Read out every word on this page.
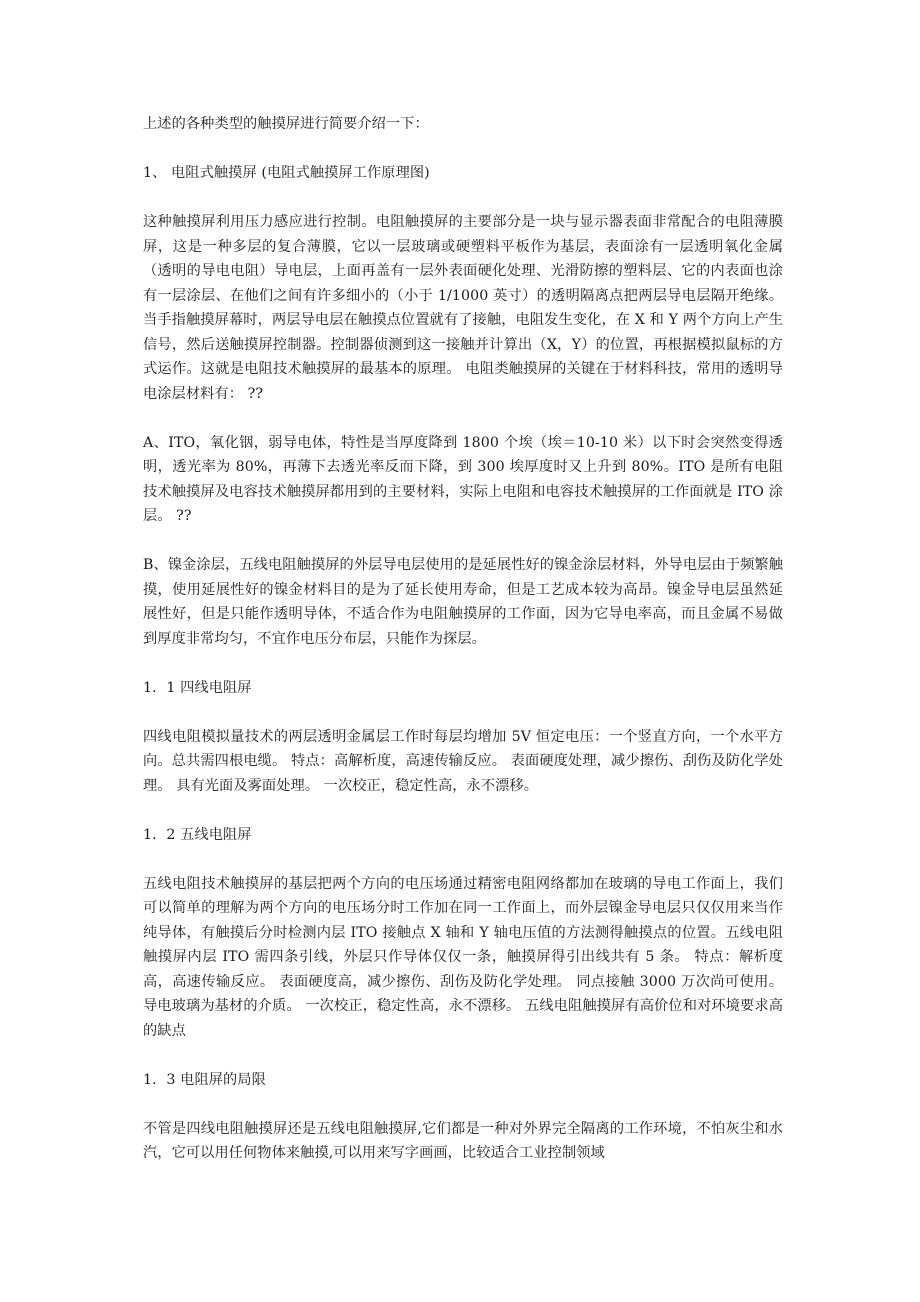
上述的各种类型的触摸屏进行简要介绍一下：

1、 电阻式触摸屏 (电阻式触摸屏工作原理图)

这种触摸屏利用压力感应进行控制。电阻触摸屏的主要部分是一块与显示器表面非常配合的电阻薄膜屏，这是一种多层的复合薄膜，它以一层玻璃或硬塑料平板作为基层，表面涂有一层透明氧化金属（透明的导电电阻）导电层，上面再盖有一层外表面硬化处理、光滑防擦的塑料层、它的内表面也涂有一层涂层、在他们之间有许多细小的（小于 1/1000 英寸）的透明隔离点把两层导电层隔开绝缘。 当手指触摸屏幕时，两层导电层在触摸点位置就有了接触，电阻发生变化，在 X 和 Y 两个方向上产生信号，然后送触摸屏控制器。控制器侦测到这一接触并计算出（X，Y）的位置，再根据模拟鼠标的方式运作。这就是电阻技术触摸屏的最基本的原理。 电阻类触摸屏的关键在于材料科技，常用的透明导电涂层材料有： ??

A、ITO，氧化铟，弱导电体，特性是当厚度降到 1800 个埃（埃＝10-10 米）以下时会突然变得透明，透光率为 80%，再薄下去透光率反而下降，到 300 埃厚度时又上升到 80%。ITO 是所有电阻技术触摸屏及电容技术触摸屏都用到的主要材料，实际上电阻和电容技术触摸屏的工作面就是 ITO 涂层。 ??

B、镍金涂层，五线电阻触摸屏的外层导电层使用的是延展性好的镍金涂层材料，外导电层由于频繁触摸，使用延展性好的镍金材料目的是为了延长使用寿命，但是工艺成本较为高昂。镍金导电层虽然延展性好，但是只能作透明导体，不适合作为电阻触摸屏的工作面，因为它导电率高，而且金属不易做到厚度非常均匀，不宜作电压分布层，只能作为探层。

1．1 四线电阻屏

四线电阻模拟量技术的两层透明金属层工作时每层均增加 5V 恒定电压：一个竖直方向，一个水平方向。总共需四根电缆。 特点：高解析度，高速传输反应。 表面硬度处理，减少擦伤、刮伤及防化学处理。 具有光面及雾面处理。 一次校正，稳定性高，永不漂移。

1．2 五线电阻屏

五线电阻技术触摸屏的基层把两个方向的电压场通过精密电阻网络都加在玻璃的导电工作面上，我们可以简单的理解为两个方向的电压场分时工作加在同一工作面上，而外层镍金导电层只仅仅用来当作纯导体，有触摸后分时检测内层 ITO 接触点 X 轴和 Y 轴电压值的方法测得触摸点的位置。五线电阻触摸屏内层 ITO 需四条引线，外层只作导体仅仅一条，触摸屏得引出线共有 5 条。 特点：解析度高，高速传输反应。 表面硬度高，减少擦伤、刮伤及防化学处理。 同点接触 3000 万次尚可使用。 导电玻璃为基材的介质。 一次校正，稳定性高，永不漂移。 五线电阻触摸屏有高价位和对环境要求高的缺点

1．3 电阻屏的局限

不管是四线电阻触摸屏还是五线电阻触摸屏,它们都是一种对外界完全隔离的工作环境，不怕灰尘和水汽，它可以用任何物体来触摸,可以用来写字画画，比较适合工业控制领域
